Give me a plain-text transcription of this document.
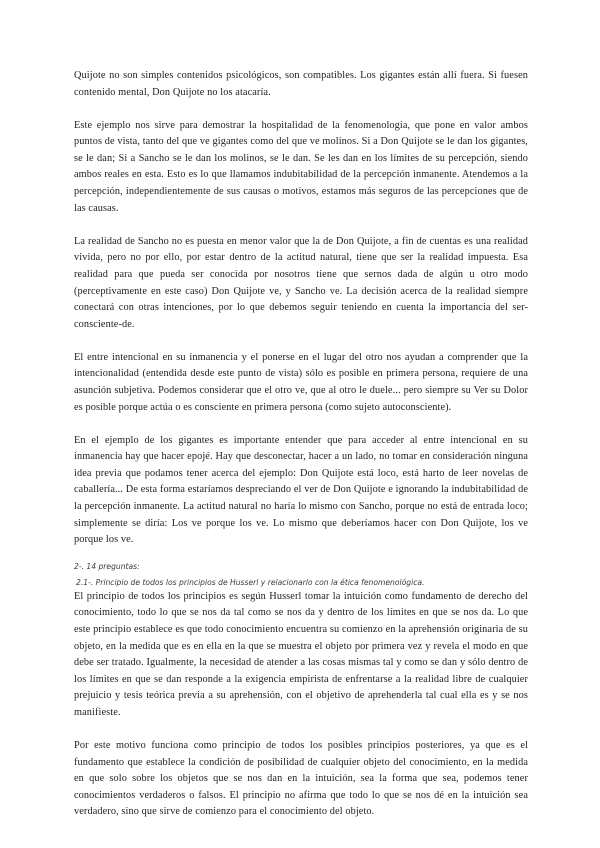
Quijote no son simples contenidos psicológicos, son compatibles. Los gigantes están allí fuera. Si fuesen contenido mental, Don Quijote no los atacaría.

Este ejemplo nos sirve para demostrar la hospitalidad de la fenomenología, que pone en valor ambos puntos de vista, tanto del que ve gigantes como del que ve molinos. Si a Don Quijote se le dan los gigantes, se le dan; Si a Sancho se le dan los molinos, se le dan. Se les dan en los límites de su percepción, siendo ambos reales en esta. Esto es lo que llamamos indubitabilidad de la percepción inmanente. Atendemos a la percepción, independientemente de sus causas o motivos, estamos más seguros de las percepciones que de las causas.

La realidad de Sancho no es puesta en menor valor que la de Don Quijote, a fin de cuentas es una realidad vivida, pero no por ello, por estar dentro de la actitud natural, tiene que ser la realidad impuesta. Esa realidad para que pueda ser conocida por nosotros tiene que sernos dada de algún u otro modo (perceptivamente en este caso) Don Quijote ve, y Sancho ve. La decisión acerca de la realidad siempre conectará con otras intenciones, por lo que debemos seguir teniendo en cuenta la importancia del ser-consciente-de.

El entre intencional en su inmanencia y el ponerse en el lugar del otro nos ayudan a comprender que la intencionalidad (entendida desde este punto de vista) sólo es posible en primera persona, requiere de una asunción subjetiva. Podemos considerar que el otro ve, que al otro le duele... pero siempre su Ver su Dolor es posible porque actúa o es consciente en primera persona (como sujeto autoconsciente).

En el ejemplo de los gigantes es importante entender que para acceder al entre intencional en su inmanencia hay que hacer epojé. Hay que desconectar, hacer a un lado, no tomar en consideración ninguna idea previa que podamos tener acerca del ejemplo: Don Quijote está loco, está harto de leer novelas de caballería... De esta forma estaríamos despreciando el ver de Don Quijote e ignorando la indubitabilidad de la percepción inmanente. La actitud natural no haría lo mismo con Sancho, porque no está de entrada loco; simplemente se diría: Los ve porque los ve. Lo mismo que deberíamos hacer con Don Quijote, los ve porque los ve.

2-. 14 preguntas:

2.1-. Principio de todos los principios de Husserl y relacionarlo con la ética fenomenológica.

El principio de todos los principios es según Husserl tomar la intuición como fundamento de derecho del conocimiento, todo lo que se nos da tal como se nos da y dentro de los límites en que se nos da. Lo que este principio establece es que todo conocimiento encuentra su comienzo en la aprehensión originaria de su objeto, en la medida que es en ella en la que se muestra el objeto por primera vez y revela el modo en que debe ser tratado. Igualmente, la necesidad de atender a las cosas mismas tal y como se dan y sólo dentro de los límites en que se dan responde a la exigencia empirista de enfrentarse a la realidad libre de cualquier prejuicio y tesis teórica previa a su aprehensión, con el objetivo de aprehenderla tal cual ella es y se nos manifieste.

Por este motivo funciona como principio de todos los posibles principios posteriores, ya que es el fundamento que establece la condición de posibilidad de cualquier objeto del conocimiento, en la medida en que solo sobre los objetos que se nos dan en la intuición, sea la forma que sea, podemos tener conocimientos verdaderos o falsos. El principio no afirma que todo lo que se nos dé en la intuición sea verdadero, sino que sirve de comienzo para el conocimiento del objeto.
